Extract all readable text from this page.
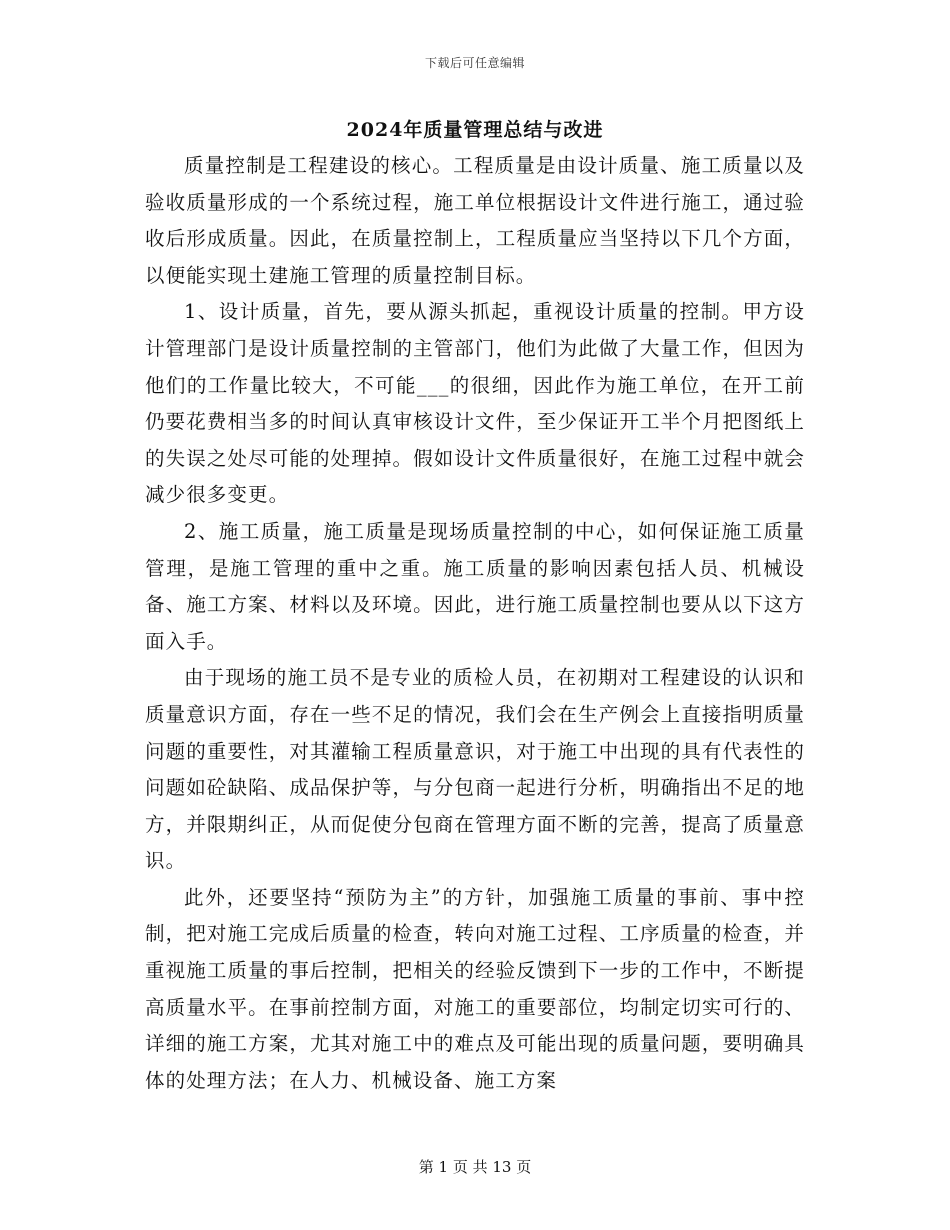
下载后可任意编辑
2024年质量管理总结与改进

质量控制是工程建设的核心。工程质量是由设计质量、施工质量以及验收质量形成的一个系统过程，施工单位根据设计文件进行施工，通过验收后形成质量。因此，在质量控制上，工程质量应当坚持以下几个方面，以便能实现土建施工管理的质量控制目标。

1、设计质量，首先，要从源头抓起，重视设计质量的控制。甲方设计管理部门是设计质量控制的主管部门，他们为此做了大量工作，但因为他们的工作量比较大，不可能___的很细，因此作为施工单位，在开工前仍要花费相当多的时间认真审核设计文件，至少保证开工半个月把图纸上的失误之处尽可能的处理掉。假如设计文件质量很好，在施工过程中就会减少很多变更。

2、施工质量，施工质量是现场质量控制的中心，如何保证施工质量管理，是施工管理的重中之重。施工质量的影响因素包括人员、机械设备、施工方案、材料以及环境。因此，进行施工质量控制也要从以下这方面入手。

由于现场的施工员不是专业的质检人员，在初期对工程建设的认识和质量意识方面，存在一些不足的情况，我们会在生产例会上直接指明质量问题的重要性，对其灌输工程质量意识，对于施工中出现的具有代表性的问题如砼缺陷、成品保护等，与分包商一起进行分析，明确指出不足的地方，并限期纠正，从而促使分包商在管理方面不断的完善，提高了质量意识。

此外，还要坚持“预防为主”的方针，加强施工质量的事前、事中控制，把对施工完成后质量的检查，转向对施工过程、工序质量的检查，并重视施工质量的事后控制，把相关的经验反馈到下一步的工作中，不断提高质量水平。在事前控制方面，对施工的重要部位，均制定切实可行的、详细的施工方案，尤其对施工中的难点及可能出现的质量问题，要明确具体的处理方法；在人力、机械设备、施工方案

第 1 页 共 13 页
